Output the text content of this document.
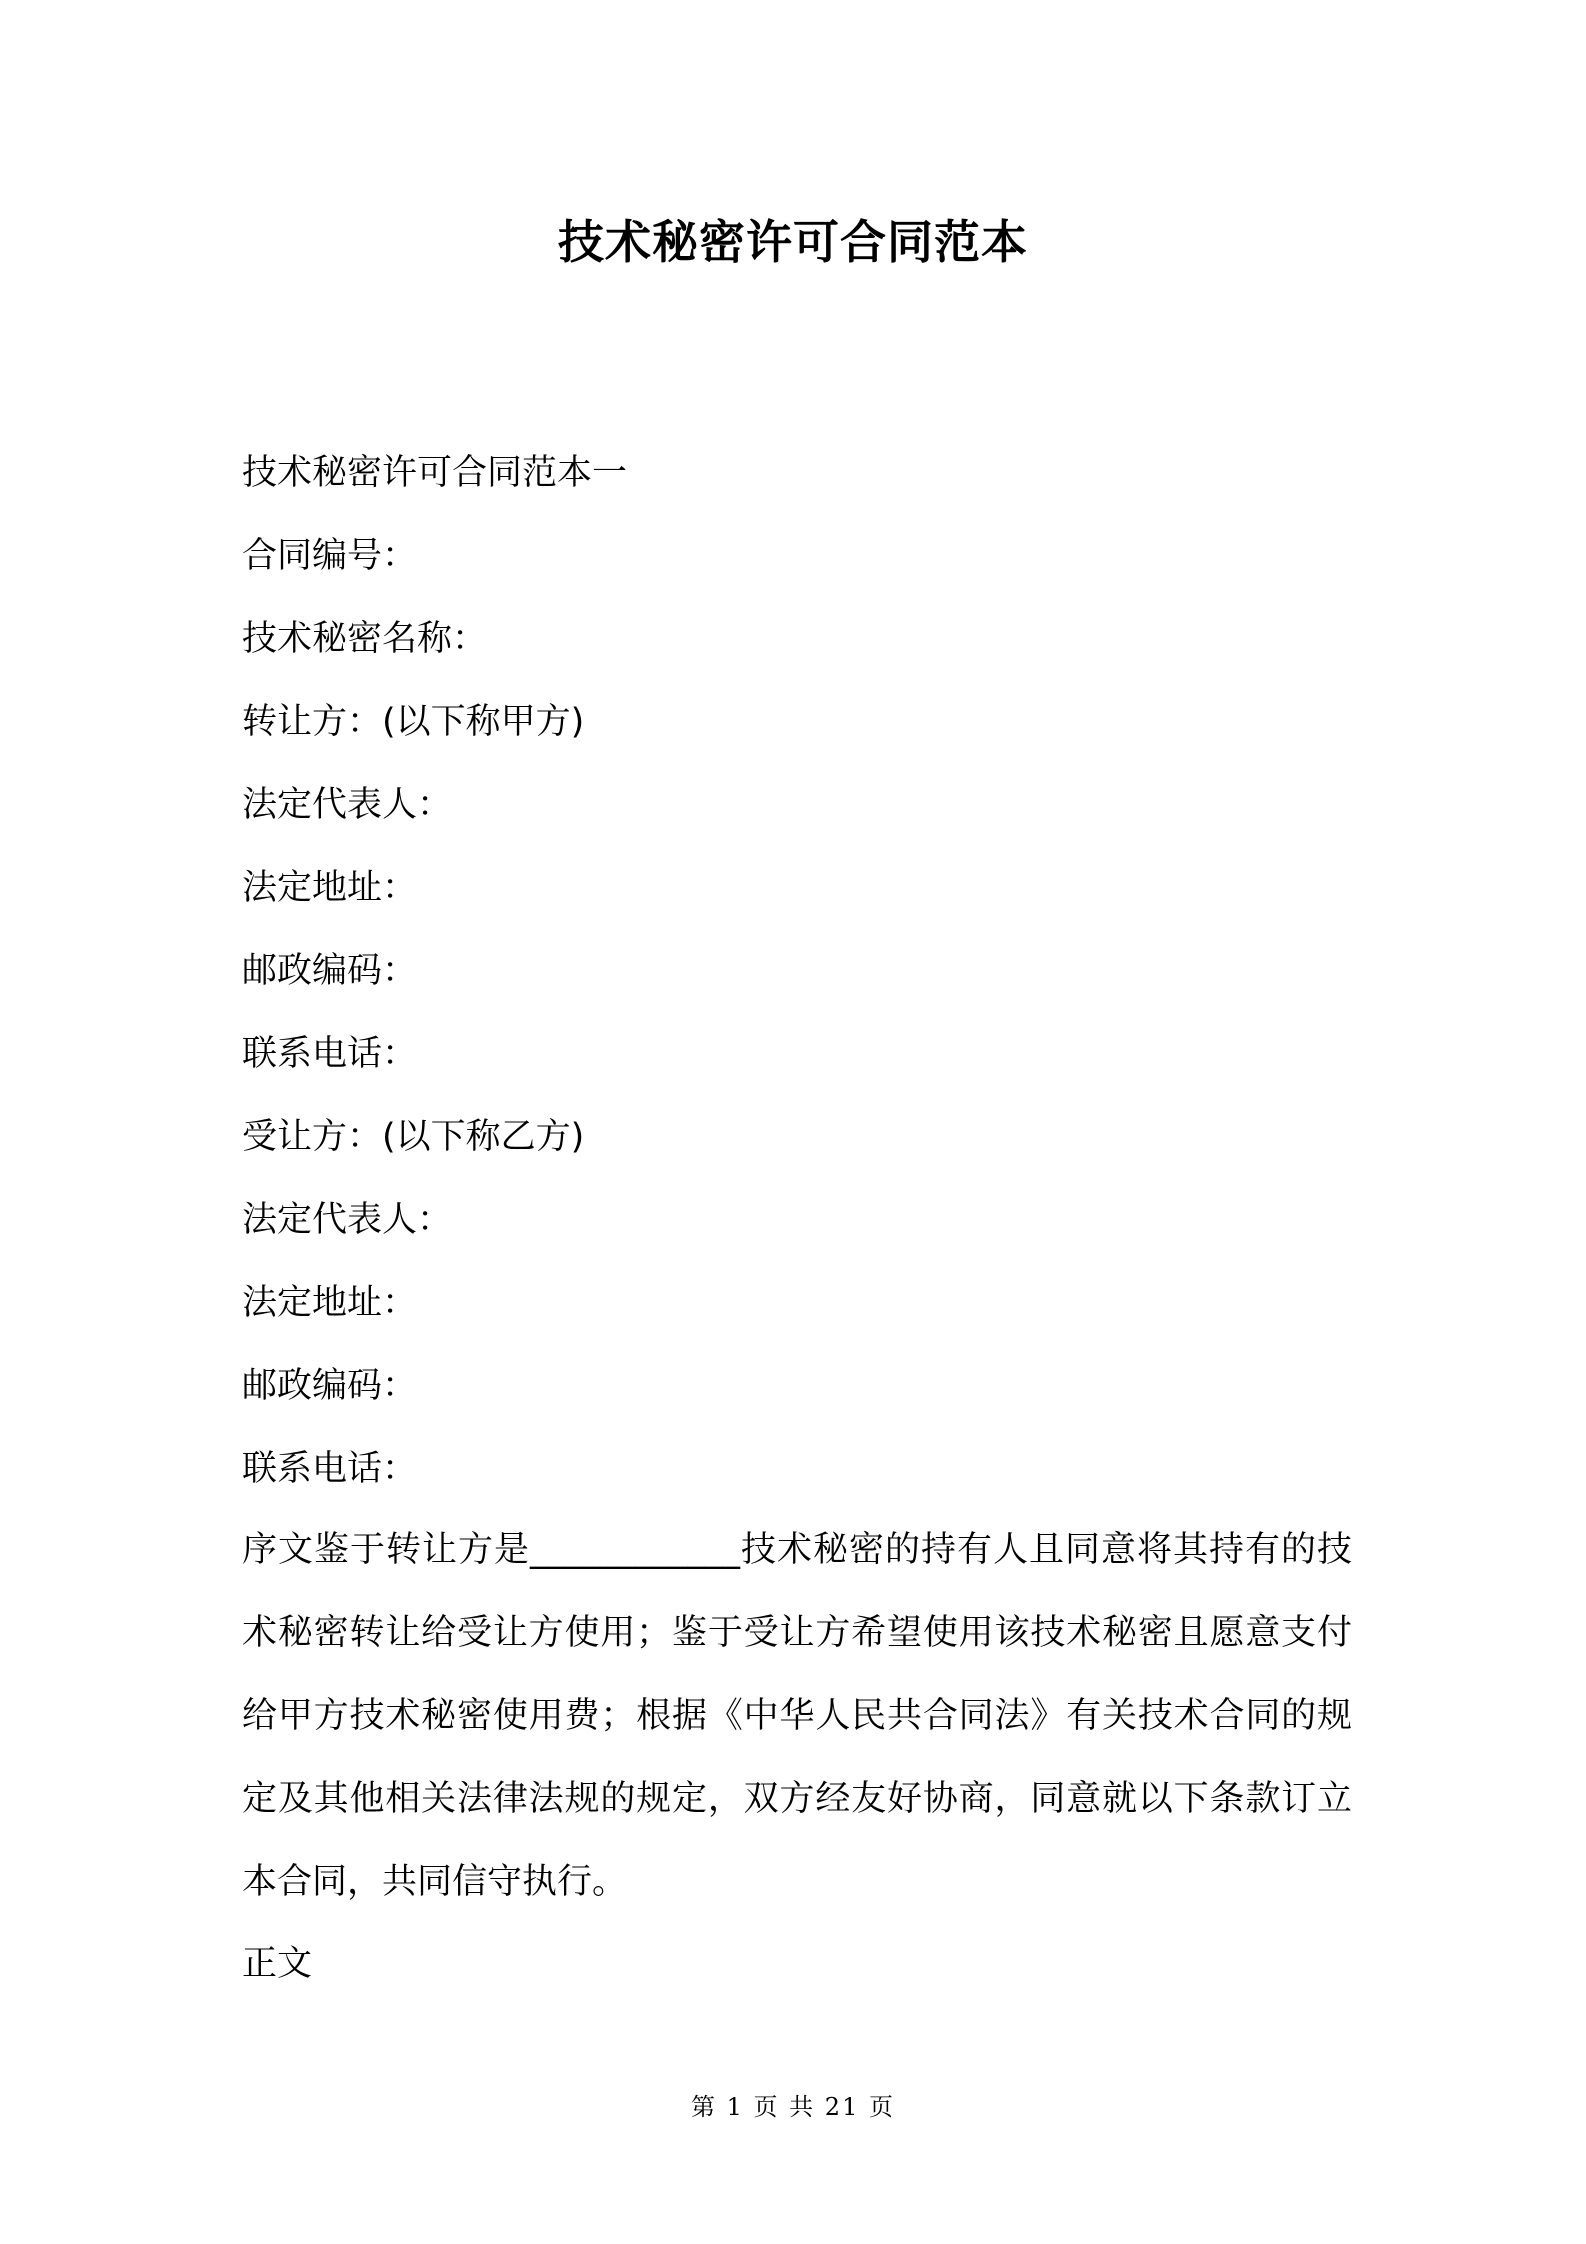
技术秘密许可合同范本
技术秘密许可合同范本一
合同编号：
技术秘密名称：
转让方：(以下称甲方)
法定代表人：
法定地址：
邮政编码：
联系电话：
受让方：(以下称乙方)
法定代表人：
法定地址：
邮政编码：
联系电话：

序文鉴于转让方是____________技术秘密的持有人且同意将其持有的技术秘密转让给受让方使用；鉴于受让方希望使用该技术秘密且愿意支付给甲方技术秘密使用费；根据《中华人民共合同法》有关技术合同的规定及其他相关法律法规的规定，双方经友好协商，同意就以下条款订立本合同，共同信守执行。

正文
第 1 页 共 21 页
